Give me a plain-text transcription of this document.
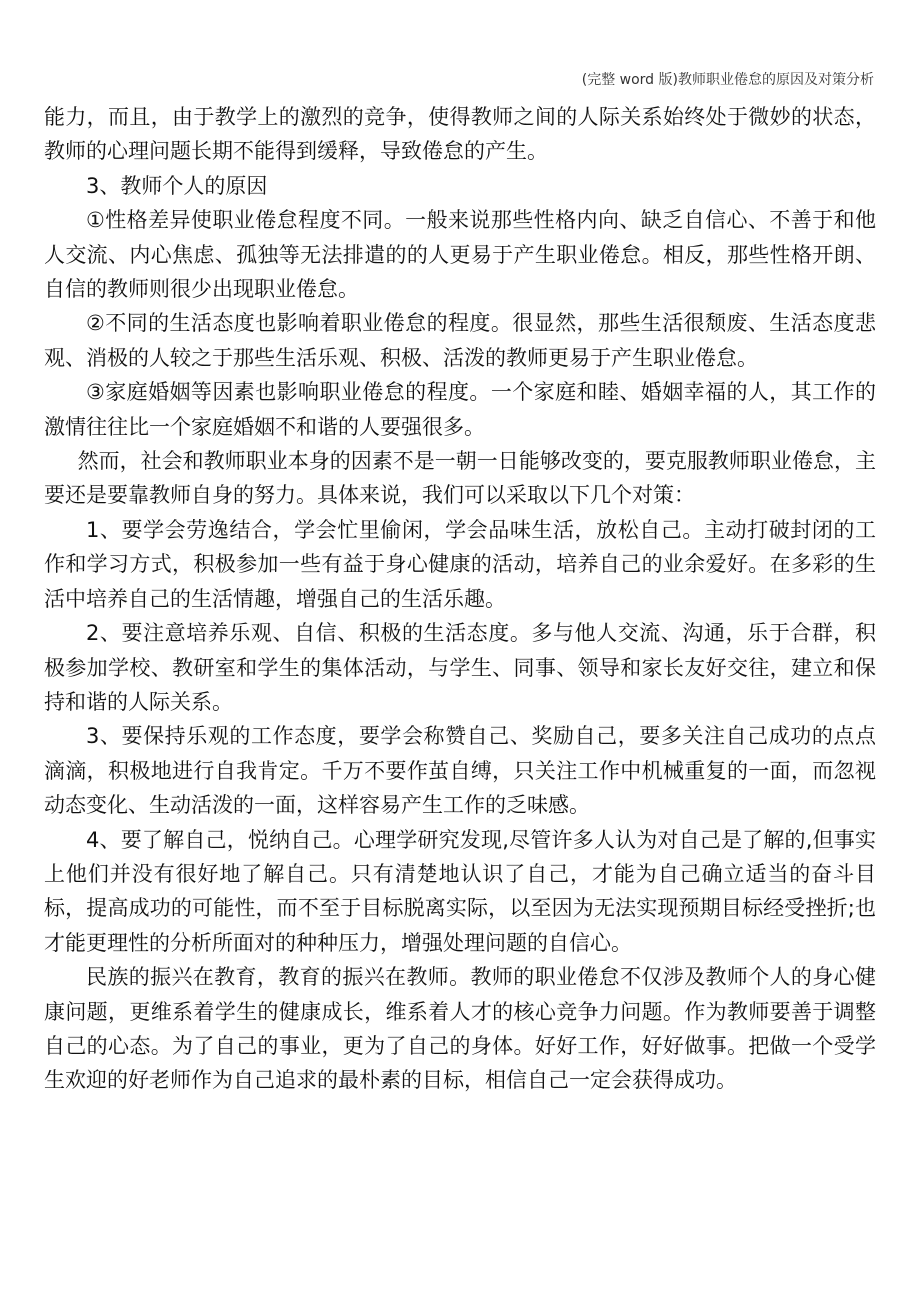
(完整 word 版)教师职业倦怠的原因及对策分析

能力，而且，由于教学上的激烈的竞争，使得教师之间的人际关系始终处于微妙的状态，教师的心理问题长期不能得到缓释，导致倦怠的产生。

3、教师个人的原因

①性格差异使职业倦怠程度不同。一般来说那些性格内向、缺乏自信心、不善于和他人交流、内心焦虑、孤独等无法排遣的的人更易于产生职业倦怠。相反，那些性格开朗、自信的教师则很少出现职业倦怠。

②不同的生活态度也影响着职业倦怠的程度。很显然，那些生活很颓废、生活态度悲观、消极的人较之于那些生活乐观、积极、活泼的教师更易于产生职业倦怠。

③家庭婚姻等因素也影响职业倦怠的程度。一个家庭和睦、婚姻幸福的人，其工作的激情往往比一个家庭婚姻不和谐的人要强很多。

然而，社会和教师职业本身的因素不是一朝一日能够改变的，要克服教师职业倦怠，主要还是要靠教师自身的努力。具体来说，我们可以采取以下几个对策：

1、要学会劳逸结合，学会忙里偷闲，学会品味生活，放松自己。主动打破封闭的工作和学习方式，积极参加一些有益于身心健康的活动，培养自己的业余爱好。在多彩的生活中培养自己的生活情趣，增强自己的生活乐趣。

2、要注意培养乐观、自信、积极的生活态度。多与他人交流、沟通，乐于合群，积极参加学校、教研室和学生的集体活动，与学生、同事、领导和家长友好交往，建立和保持和谐的人际关系。

3、要保持乐观的工作态度，要学会称赞自己、奖励自己，要多关注自己成功的点点滴滴，积极地进行自我肯定。千万不要作茧自缚，只关注工作中机械重复的一面，而忽视动态变化、生动活泼的一面，这样容易产生工作的乏味感。

4、要了解自己，悦纳自己。心理学研究发现,尽管许多人认为对自己是了解的,但事实上他们并没有很好地了解自己。只有清楚地认识了自己，才能为自己确立适当的奋斗目标，提高成功的可能性，而不至于目标脱离实际，以至因为无法实现预期目标经受挫折;也才能更理性的分析所面对的种种压力，增强处理问题的自信心。

民族的振兴在教育，教育的振兴在教师。教师的职业倦怠不仅涉及教师个人的身心健康问题，更维系着学生的健康成长，维系着人才的核心竞争力问题。作为教师要善于调整自己的心态。为了自己的事业，更为了自己的身体。好好工作，好好做事。把做一个受学生欢迎的好老师作为自己追求的最朴素的目标，相信自己一定会获得成功。
